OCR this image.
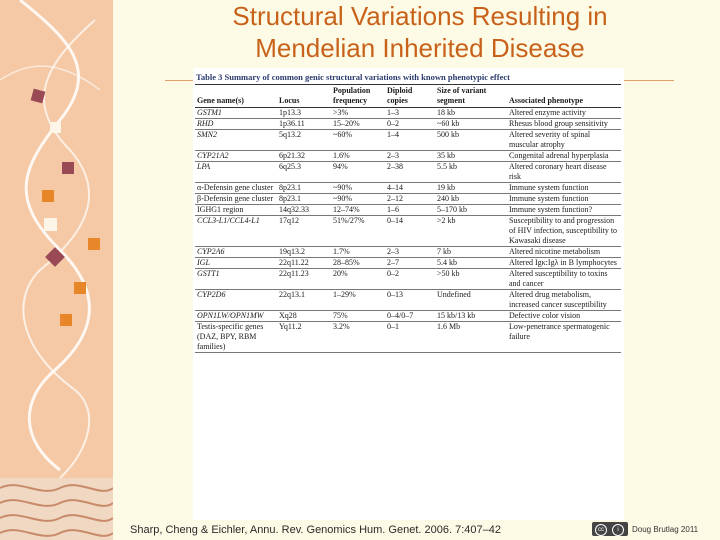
Structural Variations Resulting in
Mendelian Inherited Disease
Table 3 Summary of common genic structural variations with known phenotypic effect
Gene name(s)	Locus	Population frequency	Diploid copies	Size of variant segment	Associated phenotype
GSTM1	1p13.3	>3%	1–3	18 kb	Altered enzyme activity
RHD	1p36.11	15–20%	0–2	~60 kb	Rhesus blood group sensitivity
SMN2	5q13.2	~60%	1–4	500 kb	Altered severity of spinal muscular atrophy
CYP21A2	6p21.32	1.6%	2–3	35 kb	Congenital adrenal hyperplasia
LPA	6q25.3	94%	2–38	5.5 kb	Altered coronary heart disease risk
α-Defensin gene cluster	8p23.1	~90%	4–14	19 kb	Immune system function
β-Defensin gene cluster	8p23.1	~90%	2–12	240 kb	Immune system function
IGHG1 region	14q32.33	12–74%	1–6	5–170 kb	Immune system function?
CCL3-L1/CCL4-L1	17q12	51%/27%	0–14	>2 kb	Susceptibility to and progression of HIV infection, susceptibility to Kawasaki disease
CYP2A6	19q13.2	1.7%	2–3	7 kb	Altered nicotine metabolism
IGL	22q11.22	28–85%	2–7	5.4 kb	Altered Igκ:Igλ in B lymphocytes
GSTT1	22q11.23	20%	0–2	>50 kb	Altered susceptibility to toxins and cancer
CYP2D6	22q13.1	1–29%	0–13	Undefined	Altered drug metabolism, increased cancer susceptibility
OPN1LW/OPN1MW	Xq28	75%	0–4/0–7	15 kb/13 kb	Defective color vision
Testis-specific genes (DAZ, BPY, RBM families)	Yq11.2	3.2%	0–1	1.6 Mb	Low-penetrance spermatogenic failure
Sharp, Cheng & Eichler, Annu. Rev. Genomics Hum. Genet. 2006. 7:407–42	cc	i	Doug Brutlag 2011
